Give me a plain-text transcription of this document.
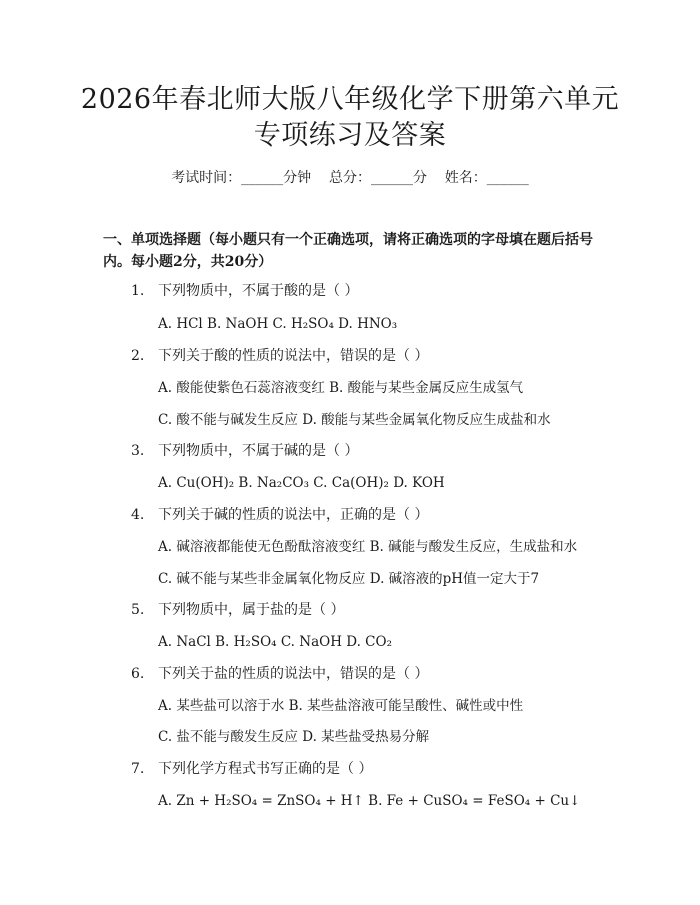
2026年春北师大版八年级化学下册第六单元
专项练习及答案
考试时间：______分钟    总分：______分    姓名：______
一、单项选择题（每小题只有一个正确选项，请将正确选项的字母填在题后括号内。每小题2分，共20分）
1. 下列物质中，不属于酸的是（ ）
A. HCl B. NaOH C. H₂SO₄ D. HNO₃
2. 下列关于酸的性质的说法中，错误的是（ ）
A. 酸能使紫色石蕊溶液变红 B. 酸能与某些金属反应生成氢气
C. 酸不能与碱发生反应 D. 酸能与某些金属氧化物反应生成盐和水
3. 下列物质中，不属于碱的是（ ）
A. Cu(OH)₂ B. Na₂CO₃ C. Ca(OH)₂ D. KOH
4. 下列关于碱的性质的说法中，正确的是（ ）
A. 碱溶液都能使无色酚酞溶液变红 B. 碱能与酸发生反应，生成盐和水
C. 碱不能与某些非金属氧化物反应 D. 碱溶液的pH值一定大于7
5. 下列物质中，属于盐的是（ ）
A. NaCl B. H₂SO₄ C. NaOH D. CO₂
6. 下列关于盐的性质的说法中，错误的是（ ）
A. 某些盐可以溶于水 B. 某些盐溶液可能呈酸性、碱性或中性
C. 盐不能与酸发生反应 D. 某些盐受热易分解
7. 下列化学方程式书写正确的是（ ）
A. Zn + H₂SO₄ = ZnSO₄ + H↑ B. Fe + CuSO₄ = FeSO₄ + Cu↓
